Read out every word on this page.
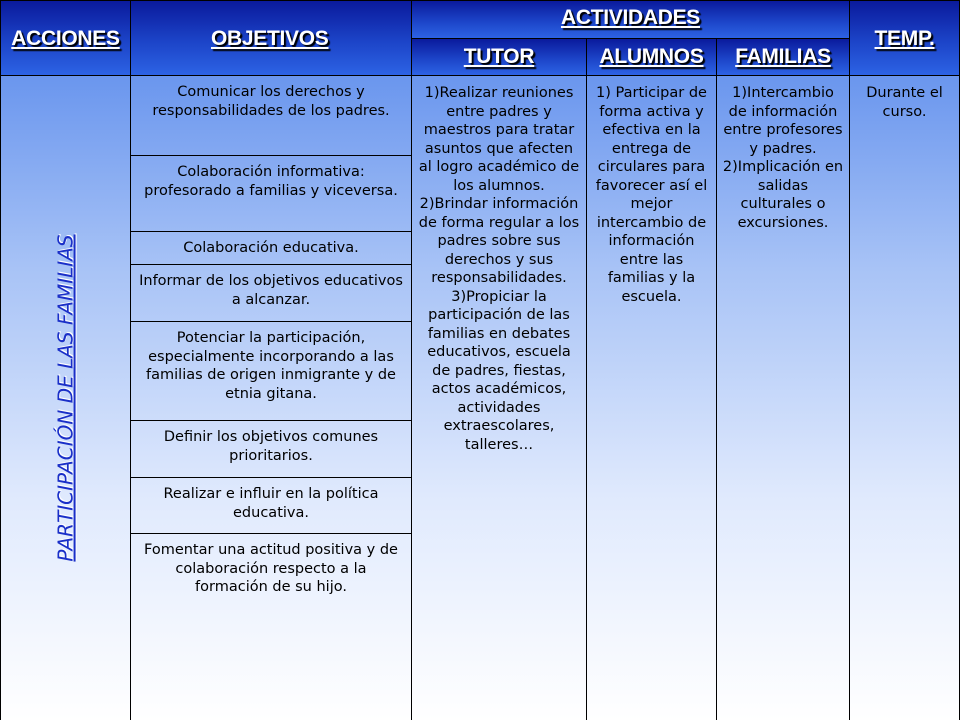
ACCIONES	OBJETIVOS
ACTIVIDADES
TEMP.
TUTOR	ALUMNOS FAMILIAS
PARTICIPACIÓN DE LAS FAMILIAS
1)Realizar reuniones entre padres y maestros para tratar asuntos que afecten al logro académico de los alumnos. 2)Brindar información de forma regular a los padres sobre sus derechos y sus responsabilidades. 3)Propiciar la participación de las familias en debates educativos, escuela de padres, fiestas, actos académicos, actividades extraescolares, talleres…
1) Participar de forma activa y efectiva en la entrega de circulares para favorecer así el mejor intercambio de información entre las familias y la escuela.
1)Intercambio de información entre profesores y padres. 2)Implicación en salidas culturales o excursiones.
Durante el curso.
Comunicar los derechos y responsabilidades de los padres.
Colaboración informativa: profesorado a familias y viceversa.
Colaboración educativa.
Informar de los objetivos educativos a alcanzar.
Potenciar la participación, especialmente incorporando a las familias de origen inmigrante y de etnia gitana.
Definir los objetivos comunes prioritarios.
Realizar e influir en la política educativa.
Fomentar una actitud positiva y de colaboración respecto a la formación de su hijo.
